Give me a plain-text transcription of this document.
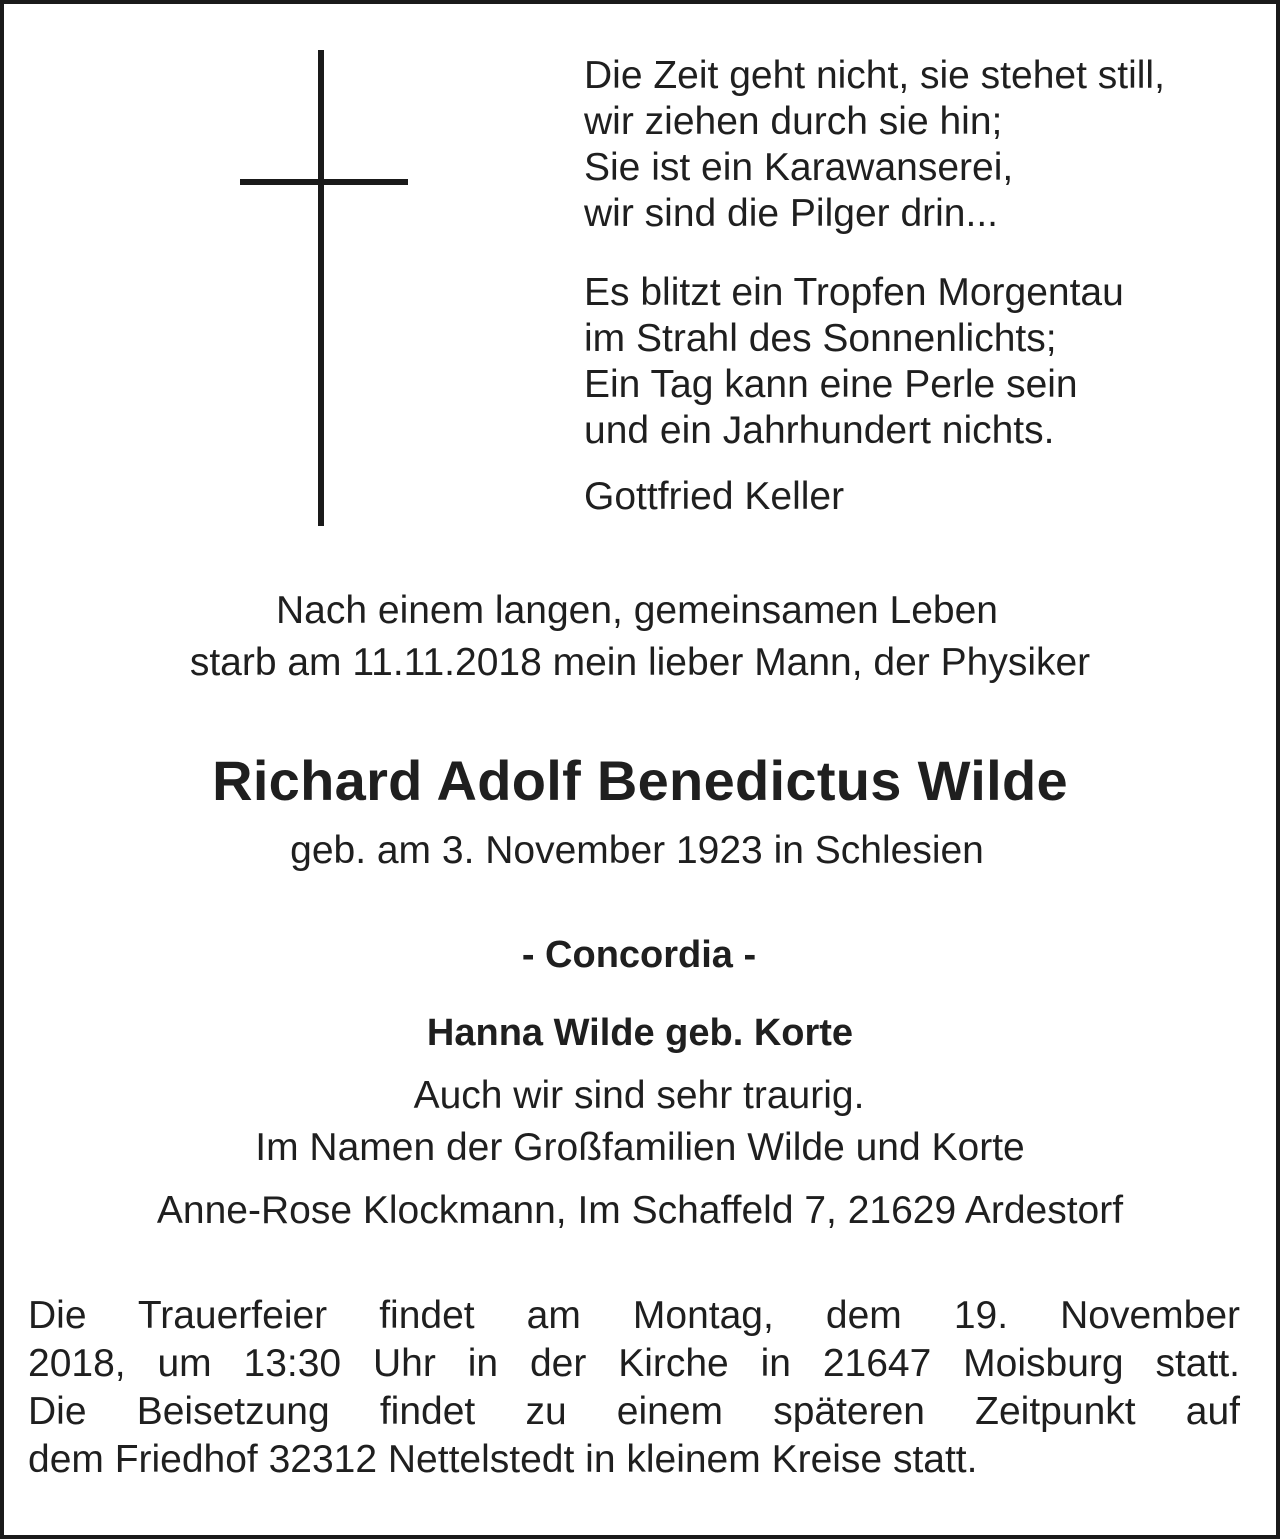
Die Zeit geht nicht, sie stehet still,
wir ziehen durch sie hin;
Sie ist ein Karawanserei,
wir sind die Pilger drin...
Es blitzt ein Tropfen Morgentau
im Strahl des Sonnenlichts;
Ein Tag kann eine Perle sein
und ein Jahrhundert nichts.
Gottfried Keller
Nach einem langen, gemeinsamen Leben
starb am 11.11.2018 mein lieber Mann, der Physiker
Richard Adolf Benedictus Wilde
geb. am 3. November 1923 in Schlesien
- Concordia -
Hanna Wilde geb. Korte
Auch wir sind sehr traurig.
Im Namen der Großfamilien Wilde und Korte
Anne-Rose Klockmann, Im Schaffeld 7, 21629 Ardestorf
Die Trauerfeier findet am Montag, dem 19. November
2018, um 13:30 Uhr in der Kirche in 21647 Moisburg statt.
Die Beisetzung findet zu einem späteren Zeitpunkt auf
dem Friedhof 32312 Nettelstedt in kleinem Kreise statt.
